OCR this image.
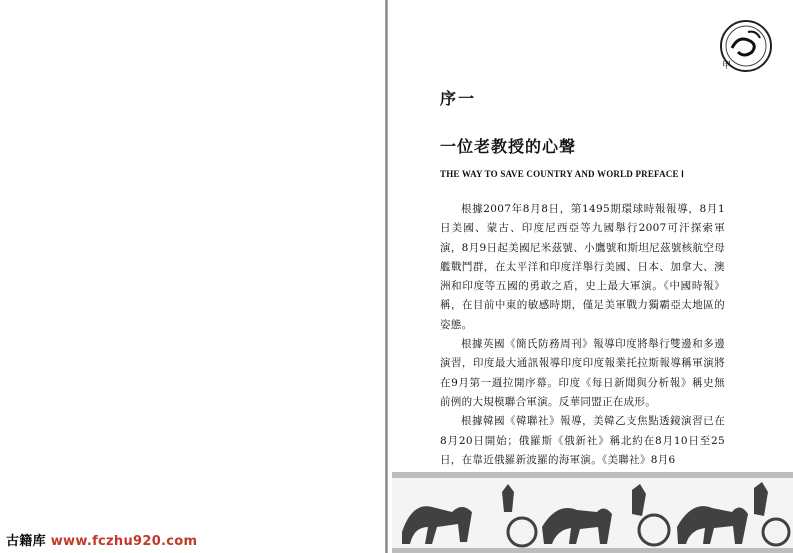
甲
序一
一位老教授的心聲
THE WAY TO SAVE COUNTRY AND WORLD PREFACE Ⅰ

根據2007年8月8日，第1495期環球時報報導，8月1日美國、蒙古、印度尼西亞等九國舉行2007可汗探索軍演，8月9日起美國尼米茲號、小鷹號和斯坦尼茲號核航空母艦戰鬥群，在太平洋和印度洋舉行美國、日本、加拿大、澳洲和印度等五國的勇敢之盾，史上最大軍演。《中國時報》稱，在目前中東的敏感時期，僅足美軍戰力獨霸亞太地區的姿態。

根據英國《簡氏防務周刊》報導印度將舉行雙邊和多邊演習，印度最大通訊報導印度印度報業托拉斯報導稱軍演將在9月第一週拉開序幕。印度《每日新聞與分析報》稱史無前例的大規模聯合軍演。反華同盟正在成形。

根據韓國《韓聯社》報導，美韓乙支焦點透鏡演習已在8月20日開始；俄羅斯《俄新社》稱北約在8月10日至25日，在靠近俄羅新波羅的海軍演。《美聯社》8月6

古籍库 www.fczhu920.com
